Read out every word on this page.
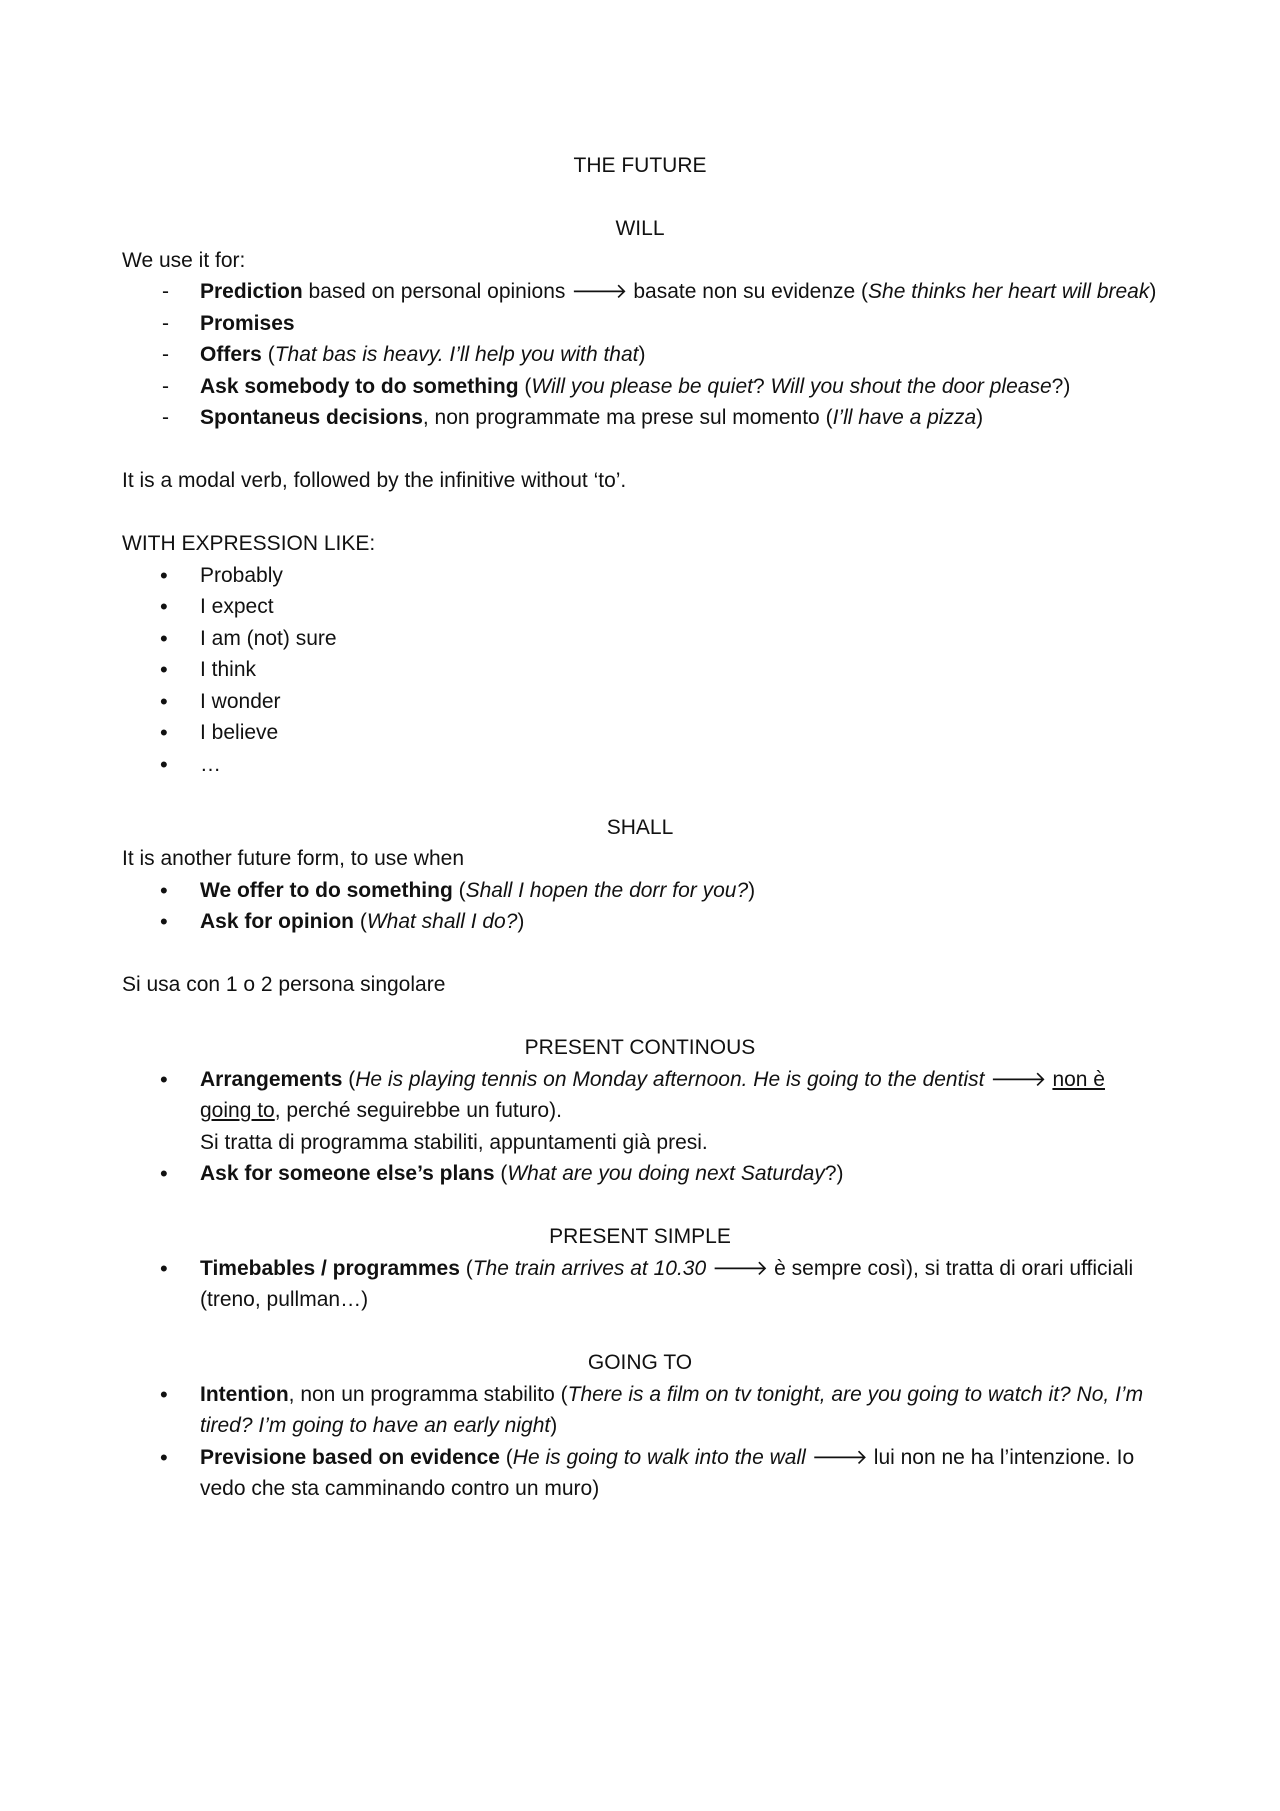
THE FUTURE

WILL

We use it for:

- Prediction based on personal opinions 🡒 basate non su evidenze (She thinks her heart will break)
- Promises
- Offers (That bas is heavy. I’ll help you with that)
- Ask somebody to do something (Will you please be quiet? Will you shout the door please?)
- Spontaneus decisions, non programmate ma prese sul momento (I’ll have a pizza)

It is a modal verb, followed by the infinitive without ‘to’.

WITH EXPRESSION LIKE:

• Probably
• I expect
• I am (not) sure
• I think
• I wonder
• I believe
• …

SHALL

It is another future form, to use when

• We offer to do something (Shall I hopen the dorr for you?)
• Ask for opinion (What shall I do?)

Si usa con 1 o 2 persona singolare

PRESENT CONTINOUS

• Arrangements (He is playing tennis on Monday afternoon. He is going to the dentist 🡒 non è going to, perché seguirebbe un futuro).
Si tratta di programma stabiliti, appuntamenti già presi.
• Ask for someone else’s plans (What are you doing next Saturday?)

PRESENT SIMPLE

• Timebables / programmes (The train arrives at 10.30 🡒 è sempre così), si tratta di orari ufficiali (treno, pullman…)

GOING TO

• Intention, non un programma stabilito (There is a film on tv tonight, are you going to watch it? No, I’m tired? I’m going to have an early night)
• Previsione based on evidence (He is going to walk into the wall 🡒 lui non ne ha l’intenzione. Io vedo che sta camminando contro un muro)
